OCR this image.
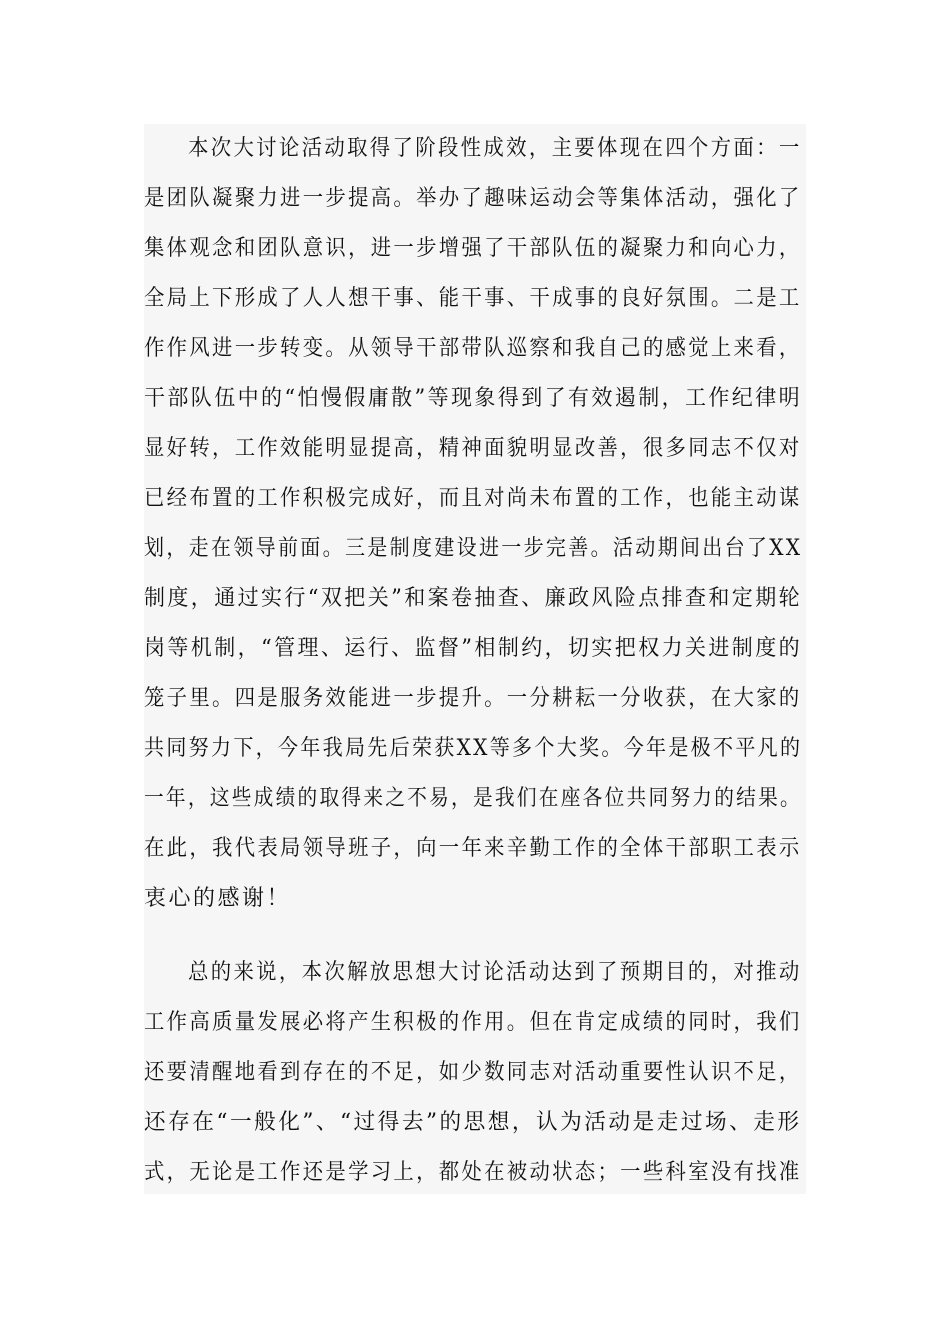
本次大讨论活动取得了阶段性成效，主要体现在四个方面：一
是团队凝聚力进一步提高。举办了趣味运动会等集体活动，强化了
集体观念和团队意识，进一步增强了干部队伍的凝聚力和向心力，
全局上下形成了人人想干事、能干事、干成事的良好氛围。二是工
作作风进一步转变。从领导干部带队巡察和我自己的感觉上来看，
干部队伍中的“怕慢假庸散”等现象得到了有效遏制，工作纪律明
显好转，工作效能明显提高，精神面貌明显改善，很多同志不仅对
已经布置的工作积极完成好，而且对尚未布置的工作，也能主动谋
划，走在领导前面。三是制度建设进一步完善。活动期间出台了XX
制度，通过实行“双把关”和案卷抽查、廉政风险点排查和定期轮
岗等机制，“管理、运行、监督”相制约，切实把权力关进制度的
笼子里。四是服务效能进一步提升。一分耕耘一分收获，在大家的
共同努力下，今年我局先后荣获XX等多个大奖。今年是极不平凡的
一年，这些成绩的取得来之不易，是我们在座各位共同努力的结果。
在此，我代表局领导班子，向一年来辛勤工作的全体干部职工表示
衷心的感谢！
总的来说，本次解放思想大讨论活动达到了预期目的，对推动
工作高质量发展必将产生积极的作用。但在肯定成绩的同时，我们
还要清醒地看到存在的不足，如少数同志对活动重要性认识不足，
还存在“一般化”、“过得去”的思想，认为活动是走过场、走形
式，无论是工作还是学习上，都处在被动状态；一些科室没有找准
